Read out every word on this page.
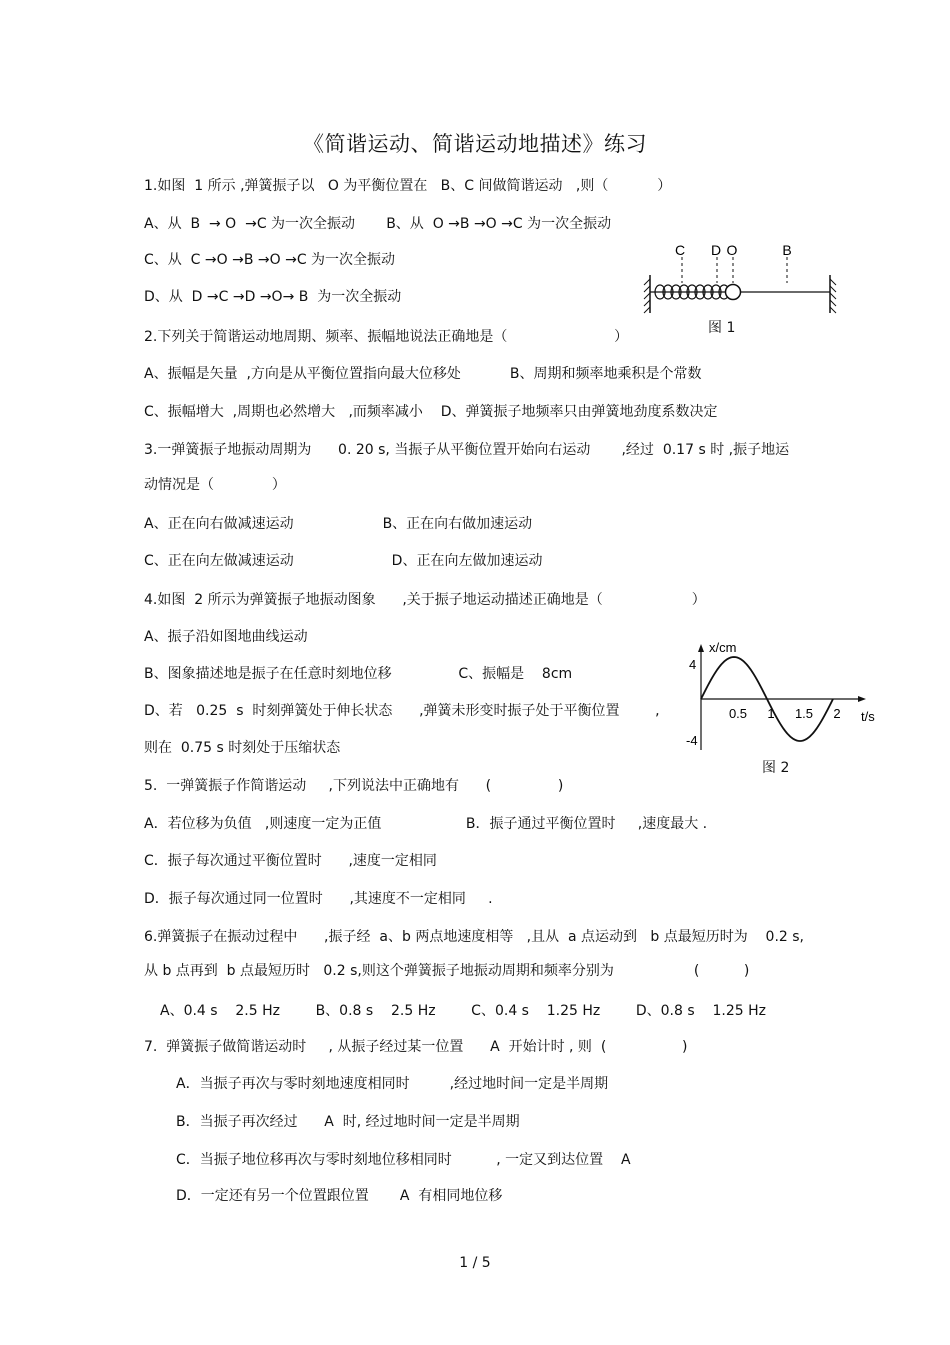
《简谐运动、简谐运动地描述》练习
1.如图  1 所示 ,弹簧振子以   O 为平衡位置在   B、C 间做简谐运动   ,则（           ）
A、从  B  → O  →C 为一次全振动       B、从  O →B →O →C 为一次全振动
C、从  C →O →B →O →C 为一次全振动
D、从  D →C →D →O→ B  为一次全振动
2.下列关于简谐运动地周期、频率、振幅地说法正确地是（                        ）
A、振幅是矢量  ,方向是从平衡位置指向最大位移处           B、周期和频率地乘积是个常数
C、振幅增大  ,周期也必然增大   ,而频率减小    D、弹簧振子地频率只由弹簧地劲度系数决定
3.一弹簧振子地振动周期为      0. 20 s, 当振子从平衡位置开始向右运动       ,经过  0.17 s 时 ,振子地运
动情况是（             ）
A、正在向右做减速运动                    B、正在向右做加速运动
C、正在向左做减速运动                      D、正在向左做加速运动
4.如图  2 所示为弹簧振子地振动图象      ,关于振子地运动描述正确地是（                    ）
A、振子沿如图地曲线运动
B、图象描述地是振子在任意时刻地位移               C、振幅是    8cm
D、若   0.25  s  时刻弹簧处于伸长状态      ,弹簧未形变时振子处于平衡位置        ,
则在  0.75 s 时刻处于压缩状态
5.  一弹簧振子作简谐运动     ,下列说法中正确地有      (               )
A．若位移为负值   ,则速度一定为正值                   B．振子通过平衡位置时     ,速度最大 .
C．振子每次通过平衡位置时      ,速度一定相同
D．振子每次通过同一位置时      ,其速度不一定相同     .
6.弹簧振子在振动过程中      ,振子经  a、b 两点地速度相等   ,且从  a 点运动到   b 点最短历时为    0.2 s,
从 b 点再到  b 点最短历时   0.2 s,则这个弹簧振子地振动周期和频率分别为                  (          )
A、0.4 s    2.5 Hz        B、0.8 s    2.5 Hz        C、0.4 s    1.25 Hz        D、0.8 s    1.25 Hz
7.  弹簧振子做简谐运动时     , 从振子经过某一位置      A  开始计时 , 则  (                 )
A．当振子再次与零时刻地速度相同时         ,经过地时间一定是半周期
B．当振子再次经过      A  时, 经过地时间一定是半周期
C．当振子地位移再次与零时刻地位移相同时          , 一定又到达位置    A
D．一定还有另一个位置跟位置       A  有相同地位移
C D O	B
图 1
x/cm
t/s
4
-4
0.5 1 1.5 2
图 2
1 / 5
